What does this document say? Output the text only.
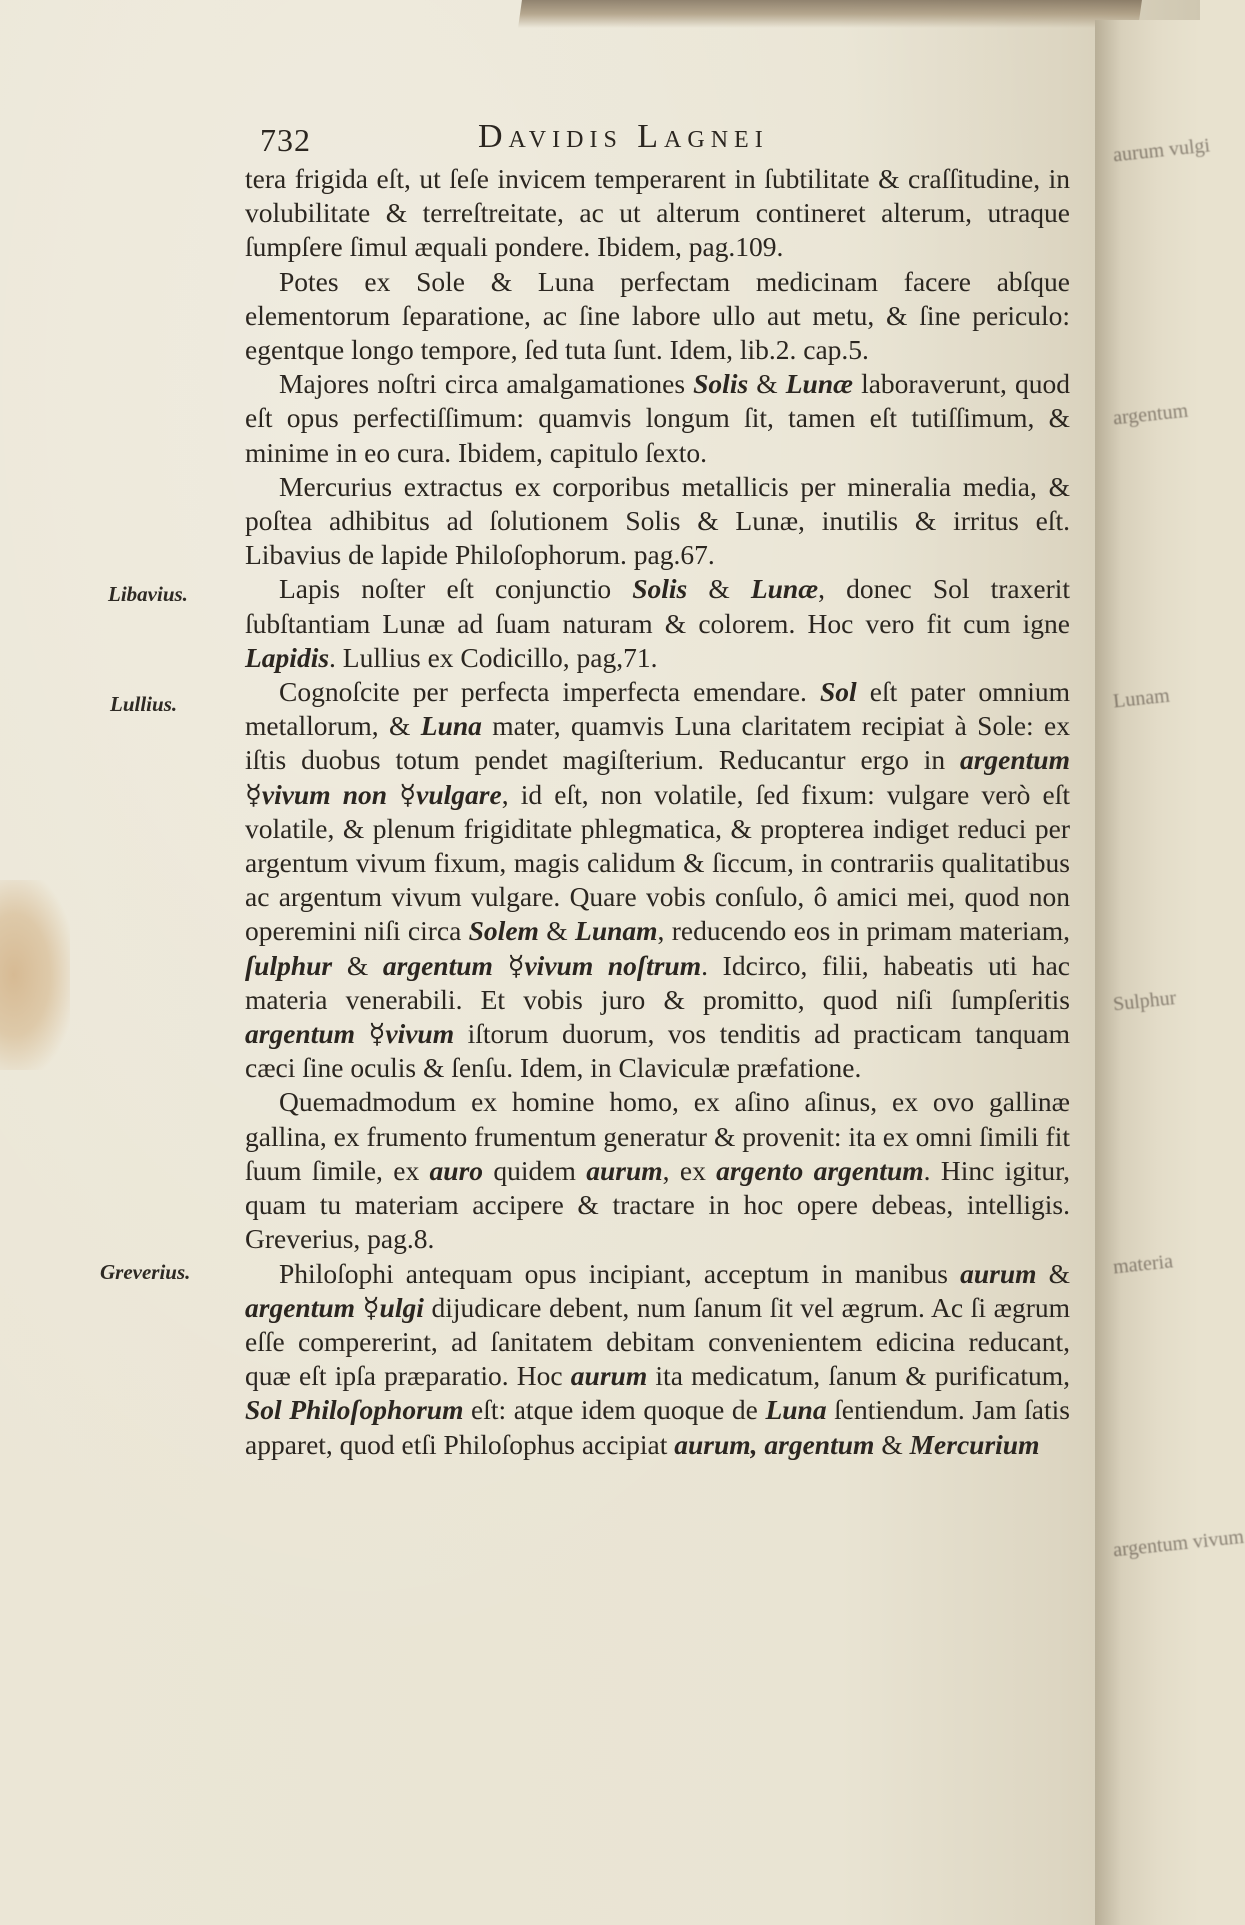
aurum vulgi
argentum
Lunam
Sulphur
materia
argentum vivum
732	Davidis Lagnei
Libavius.
Lullius.
Greverius.

tera frigida eſt, ut ſeſe invicem temperarent in ſubtilitate & craſſitudine, in volubilitate & terreſtreitate, ac ut alterum contineret alterum, utraque ſumpſere ſimul æquali pondere. Ibidem, pag.109.

Potes ex Sole & Luna perfectam medicinam facere abſque elementorum ſeparatione, ac ſine labore ullo aut metu, & ſine periculo: egentque longo tempore, ſed tuta ſunt. Idem, lib.2. cap.5.

Majores noſtri circa amalgamationes Solis & Lunæ laboraverunt, quod eſt opus perfectiſſimum: quamvis longum ſit, tamen eſt tutiſſimum, & minime in eo cura. Ibidem, capitulo ſexto.

Mercurius extractus ex corporibus metallicis per mineralia media, & poſtea adhibitus ad ſolutionem Solis & Lunæ, inutilis & irritus eſt. Libavius de lapide Philoſophorum. pag.67.

Lapis noſter eſt conjunctio Solis & Lunæ, donec Sol traxerit ſubſtantiam Lunæ ad ſuam naturam & colorem. Hoc vero fit cum igne Lapidis. Lullius ex Codicillo, pag,71.

Cognoſcite per perfecta imperfecta emendare. Sol eſt pater omnium metallorum, & Luna mater, quamvis Luna claritatem recipiat à Sole: ex iſtis duobus totum pendet magiſterium. Reducantur ergo in argentum ☿vivum non ☿vulgare, id eſt, non volatile, ſed fixum: vulgare verò eſt volatile, & plenum frigiditate phlegmatica, & propterea indiget reduci per argentum vivum fixum, magis calidum & ſiccum, in contrariis qualitatibus ac argentum vivum vulgare. Quare vobis conſulo, ô amici mei, quod non operemini niſi circa Solem & Lunam, reducendo eos in primam materiam, ſulphur & argentum ☿vivum noſtrum. Idcirco, filii, habeatis uti hac materia venerabili. Et vobis juro & promitto, quod niſi ſumpſeritis argentum ☿vivum iſtorum duorum, vos tenditis ad practicam tanquam cæci ſine oculis & ſenſu. Idem, in Claviculæ præfatione.

Quemadmodum ex homine homo, ex aſino aſinus, ex ovo gallinæ gallina, ex frumento frumentum generatur & provenit: ita ex omni ſimili fit ſuum ſimile, ex auro quidem aurum, ex argento argentum. Hinc igitur, quam tu materiam accipere & tractare in hoc opere debeas, intelligis. Greverius, pag.8.

Philoſophi antequam opus incipiant, acceptum in manibus aurum & argentum ☿ulgi dijudicare debent, num ſanum ſit vel ægrum. Ac ſi ægrum eſſe compererint, ad ſanitatem debitam convenientem edicina reducant, quæ eſt ipſa præparatio. Hoc aurum ita medicatum, ſanum & purificatum, Sol Philoſophorum eſt: atque idem quoque de Luna ſentiendum. Jam ſatis apparet, quod etſi Philoſophus accipiat aurum, argentum & Mercurium
